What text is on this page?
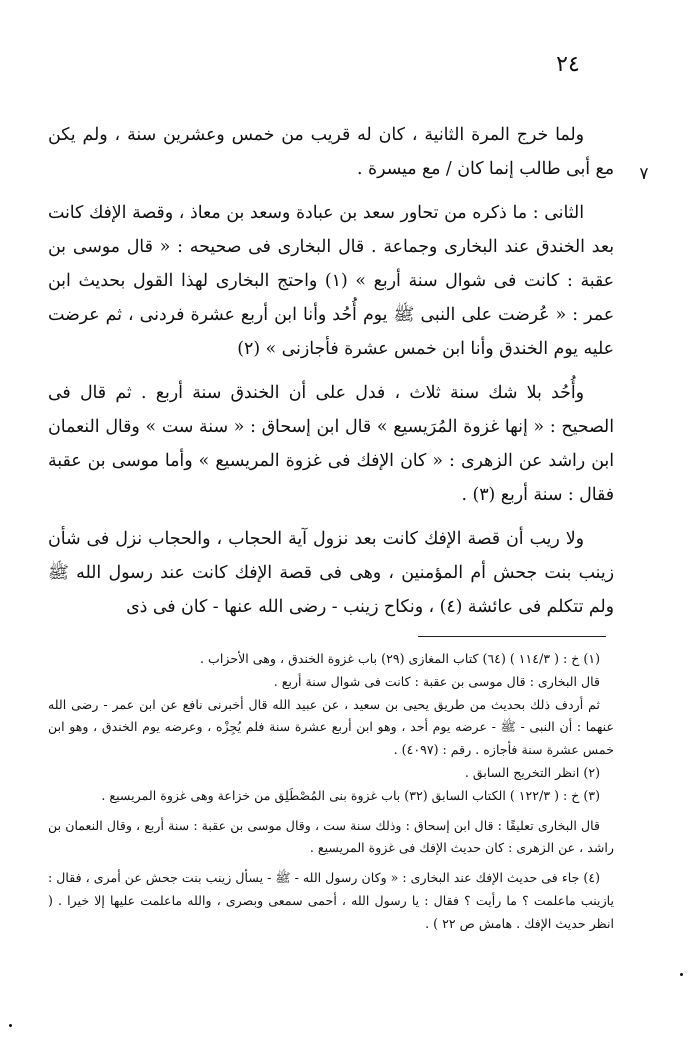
٢٤
٧

ولما خرج المرة الثانية ، كان له قريب من خمس وعشرين سنة ، ولم يكن مع أبى طالب إنما كان / مع ميسرة .

الثانى : ما ذكره من تحاور سعد بن عبادة وسعد بن معاذ ، وقصة الإفك كانت بعد الخندق عند البخارى وجماعة . قال البخارى فى صحيحه : « قال موسى بن عقبة : كانت فى شوال سنة أربع » (١) واحتج البخارى لهذا القول بحديث ابن عمر : « عُرضت على النبى ﷺ يوم أُحُد وأنا ابن أربع عشرة فردنى ، ثم عرضت عليه يوم الخندق وأنا ابن خمس عشرة فأجازنى » (٢)

وأُحُد بلا شك سنة ثلاث ، فدل على أن الخندق سنة أربع . ثم قال فى الصحيح : « إنها غزوة المُرَيسيع » قال ابن إسحاق : « سنة ست » وقال النعمان ابن راشد عن الزهرى : « كان الإفك فى غزوة المريسيع » وأما موسى بن عقبة فقال : سنة أربع (٣) .

ولا ريب أن قصة الإفك كانت بعد نزول آية الحجاب ، والحجاب نزل فى شأن زينب بنت جحش أم المؤمنين ، وهى فى قصة الإفك كانت عند رسول الله ﷺ ولم تتكلم فى عائشة (٤) ، ونكاح زينب - رضى الله عنها - كان فى ذى

(١) خ : ( ١١٤/٣ ) (٦٤) كتاب المغازى (٢٩) باب غزوة الخندق ، وهى الأحزاب .

قال البخارى : قال موسى بن عقبة : كانت فى شوال سنة أربع .

ثم أردف ذلك بحديث من طريق يحيى بن سعيد ، عن عبيد الله قال أخبرنى نافع عن ابن عمر - رضى الله عنهما : أن النبى - ﷺ - عرضه يوم أحد ، وهو ابن أربع عشرة سنة فلم يُجِزْه ، وعرضه يوم الخندق ، وهو ابن خمس عشرة سنة فأجازه . رقم : (٤٠٩٧) .

(٢) انظر التخريج السابق .

(٣) خ : ( ١٢٢/٣ ) الكتاب السابق (٣٢) باب غزوة بنى المُصْطَلِق من خزاعة وهى غزوة المريسيع .

قال البخارى تعليقًا : قال ابن إسحاق : وذلك سنة ست ، وقال موسى بن عقبة : سنة أربع ، وقال النعمان بن راشد ، عن الزهرى : كان حديث الإفك فى غزوة المريسيع .

(٤) جاء فى حديث الإفك عند البخارى : « وكان رسول الله - ﷺ - يسأل زينب بنت جحش عن أمرى ، فقال : يازينب ماعلمت ؟ ما رأيت ؟ فقال : يا رسول الله ، أحمى سمعى وبصرى ، والله ماعلمت عليها إلا خيرا . ( انظر حديث الإفك . هامش ص ٢٢ ) .
